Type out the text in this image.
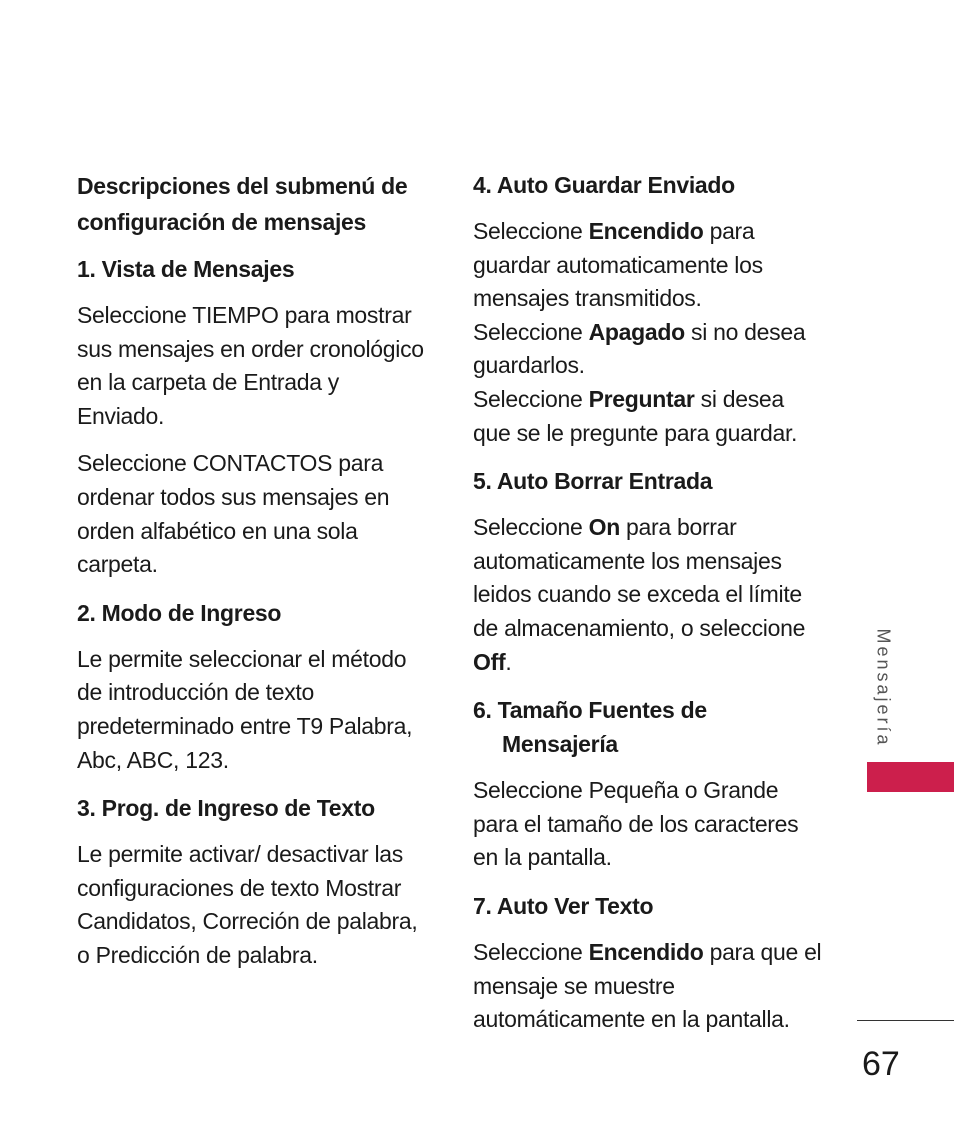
Descripciones del submenú de configuración de mensajes
1. Vista de Mensajes

Seleccione TIEMPO para mostrar sus mensajes en order cronológico en la carpeta de Entrada y Enviado.

Seleccione CONTACTOS para ordenar todos sus mensajes en orden alfabético en una sola carpeta.

2. Modo de Ingreso

Le permite seleccionar el método de introducción de texto predeterminado entre T9 Palabra, Abc, ABC, 123.

3. Prog. de Ingreso de Texto

Le permite activar/ desactivar las configuraciones de texto Mostrar Candidatos, Correción de palabra, o Predicción de palabra.

4. Auto Guardar Enviado

Seleccione Encendido para guardar automaticamente los mensajes transmitidos.

Seleccione Apagado si no desea guardarlos.

Seleccione Preguntar si desea que se le pregunte para guardar.

5. Auto Borrar Entrada

Seleccione On para borrar automaticamente los mensajes leidos cuando se exceda el límite de almacenamiento, o seleccione Off.

6. Tamaño Fuentes de Mensajería

Seleccione Pequeña o Grande para el tamaño de los caracteres en la pantalla.

7. Auto Ver Texto

Seleccione Encendido para que el mensaje se muestre automáticamente en la pantalla.

Mensajería
67
